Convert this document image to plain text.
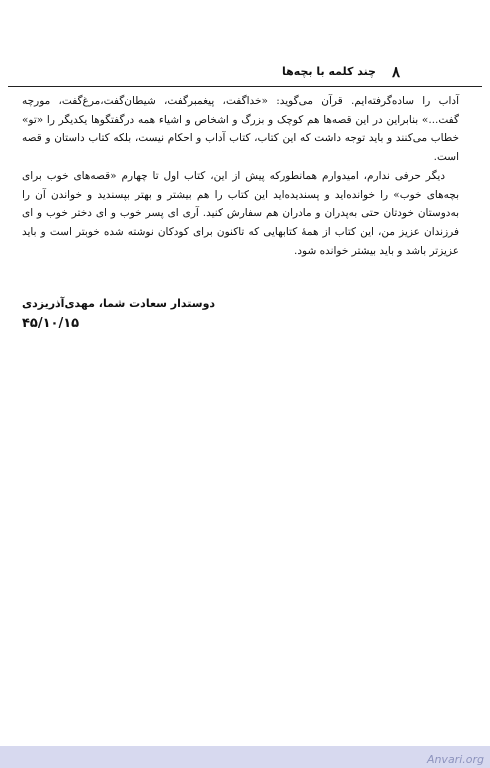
۸
چند کلمه با بچه‌ها

آداب را ساده‌گرفته‌ایم. قرآن می‌گوید: «خداگفت، پیغمبرگفت، شیطان‌گفت،مرغ‌گفت، مورچه گفت...» بنابراین در این قصه‌ها هم کوچک و بزرگ و اشخاص و اشیاء همه درگفتگوها یکدیگر را «تو» خطاب می‌کنند و باید توجه داشت که این کتاب، کتاب آداب و احکام نیست، بلکه کتاب داستان و قصه است.

دیگر حرفی ندارم، امیدوارم همانطورکه پیش از این، کتاب اول تا چهارم «قصه‌های خوب برای بچه‌های خوب» را خوانده‌اید و پسندیده‌اید این کتاب را هم بیشتر و بهتر بپسندید و خواندن آن را به‌دوستان خودتان حتی به‌پدران و مادران هم سفارش کنید. آری ای پسر خوب و ای دختر خوب و ای فرزندان عزیز من، این کتاب از همهٔ کتابهایی که تاکنون برای کودکان نوشته شده خوبتر است و باید عزیزتر باشد و باید بیشتر خوانده شود.

دوستدار سعادت شما، مهدی‌آذریزدی
۴۵/۱۰/۱۵
Anvari.org
